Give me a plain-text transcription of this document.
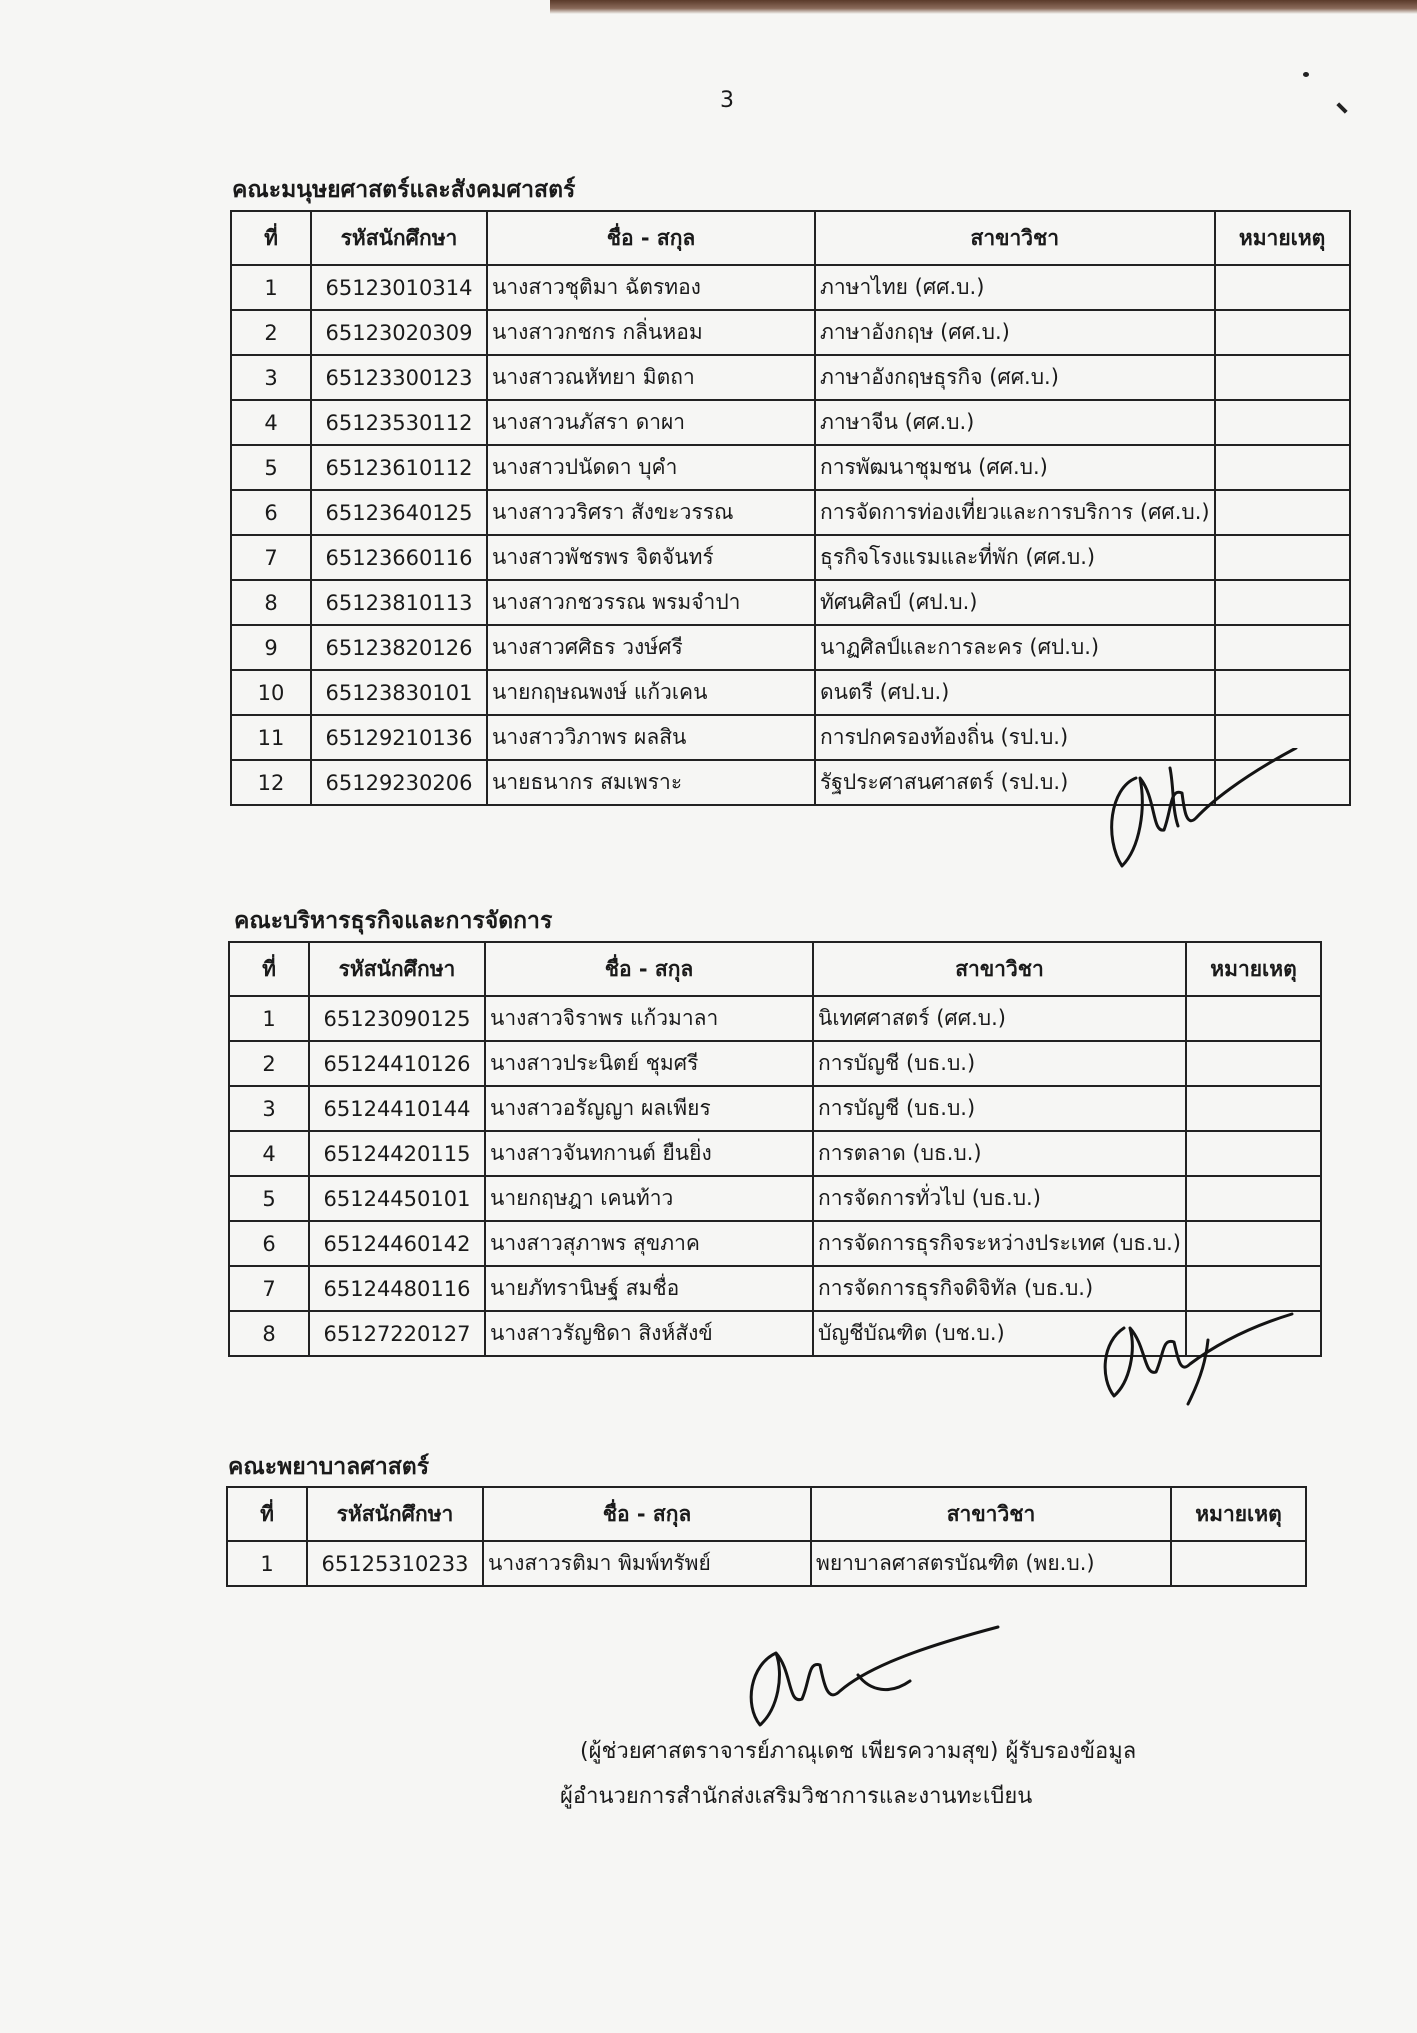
3
คณะมนุษยศาสตร์และสังคมศาสตร์
ที่	รหัสนักศึกษา	ชื่อ - สกุล	สาขาวิชา	หมายเหตุ
1	65123010314	นางสาวชุติมา ฉัตรทอง	ภาษาไทย (ศศ.บ.)	
2	65123020309	นางสาวกชกร กลิ่นหอม	ภาษาอังกฤษ (ศศ.บ.)	
3	65123300123	นางสาวณหัทยา มิตถา	ภาษาอังกฤษธุรกิจ (ศศ.บ.)	
4	65123530112	นางสาวนภัสรา ดาผา	ภาษาจีน (ศศ.บ.)	
5	65123610112	นางสาวปนัดดา บุคำ	การพัฒนาชุมชน (ศศ.บ.)	
6	65123640125	นางสาววริศรา สังขะวรรณ	การจัดการท่องเที่ยวและการบริการ (ศศ.บ.)	
7	65123660116	นางสาวพัชรพร จิตจันทร์	ธุรกิจโรงแรมและที่พัก (ศศ.บ.)	
8	65123810113	นางสาวกชวรรณ พรมจำปา	ทัศนศิลป์ (ศป.บ.)	
9	65123820126	นางสาวศศิธร วงษ์ศรี	นาฏศิลป์และการละคร (ศป.บ.)	
10	65123830101	นายกฤษณพงษ์ แก้วเคน	ดนตรี (ศป.บ.)	
11	65129210136	นางสาววิภาพร ผลสิน	การปกครองท้องถิ่น (รป.บ.)	
12	65129230206	นายธนากร สมเพราะ	รัฐประศาสนศาสตร์ (รป.บ.)	
คณะบริหารธุรกิจและการจัดการ
ที่	รหัสนักศึกษา	ชื่อ - สกุล	สาขาวิชา	หมายเหตุ
1	65123090125	นางสาวจิราพร แก้วมาลา	นิเทศศาสตร์ (ศศ.บ.)	
2	65124410126	นางสาวประนิตย์ ชุมศรี	การบัญชี (บธ.บ.)	
3	65124410144	นางสาวอรัญญา ผลเพียร	การบัญชี (บธ.บ.)	
4	65124420115	นางสาวจันทกานต์ ยืนยิ่ง	การตลาด (บธ.บ.)	
5	65124450101	นายกฤษฎา เคนท้าว	การจัดการทั่วไป (บธ.บ.)	
6	65124460142	นางสาวสุภาพร สุขภาค	การจัดการธุรกิจระหว่างประเทศ (บธ.บ.)	
7	65124480116	นายภัทรานิษฐ์ สมชื่อ	การจัดการธุรกิจดิจิทัล (บธ.บ.)	
8	65127220127	นางสาวรัญชิดา สิงห์สังข์	บัญชีบัณฑิต (บช.บ.)	
คณะพยาบาลศาสตร์
ที่	รหัสนักศึกษา	ชื่อ - สกุล	สาขาวิชา	หมายเหตุ
1	65125310233	นางสาวรติมา พิมพ์ทรัพย์	พยาบาลศาสตรบัณฑิต (พย.บ.)	
(ผู้ช่วยศาสตราจารย์ภาณุเดช เพียรความสุข) ผู้รับรองข้อมูล
ผู้อำนวยการสำนักส่งเสริมวิชาการและงานทะเบียน
